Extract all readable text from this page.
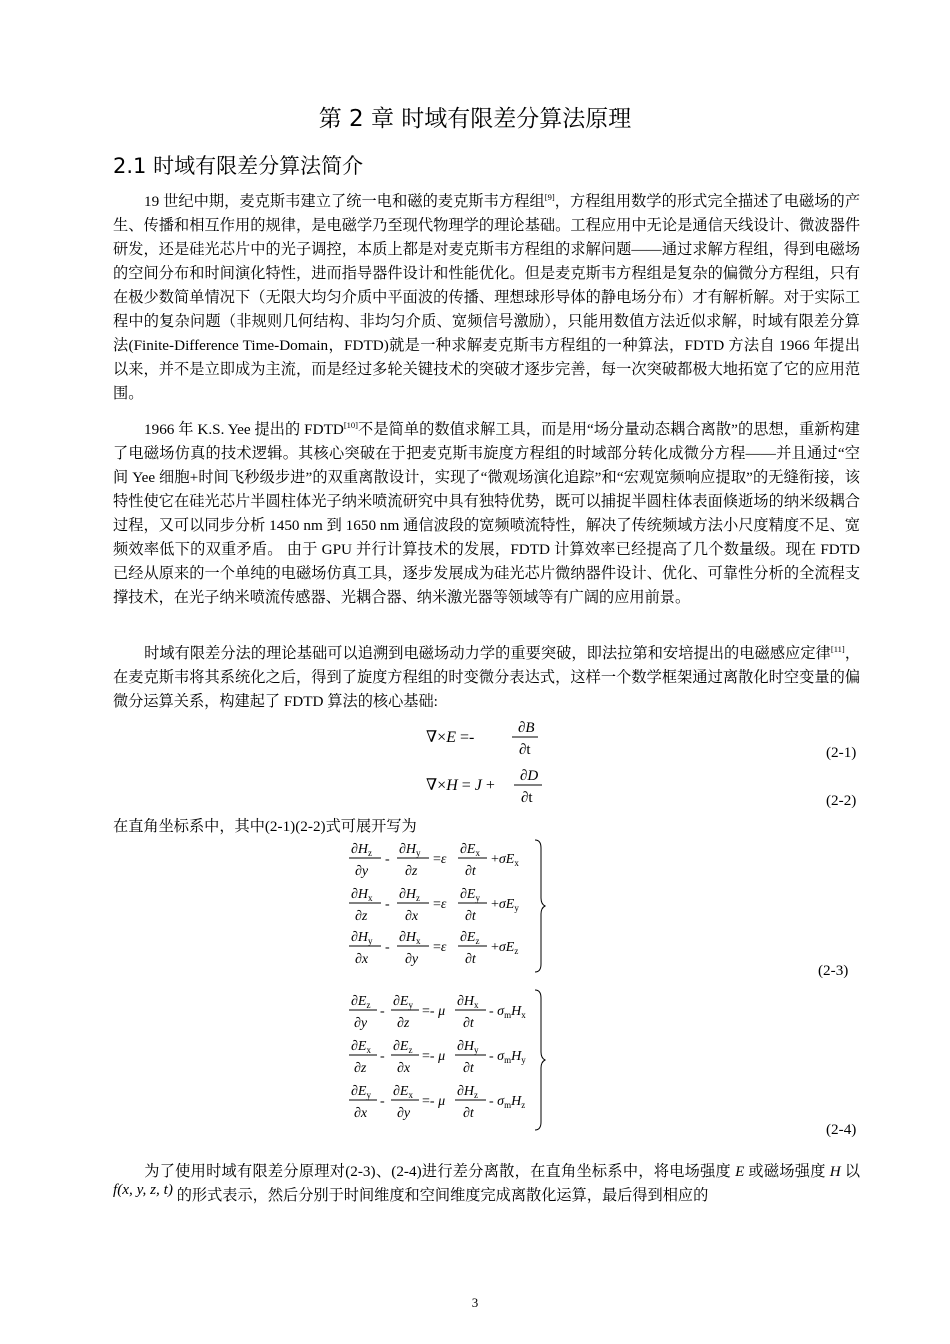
第 2 章 时域有限差分算法原理
2.1 时域有限差分算法简介

19 世纪中期，麦克斯韦建立了统一电和磁的麦克斯韦方程组[9]，方程组用数学的形式完全描述了电磁场的产生、传播和相互作用的规律，是电磁学乃至现代物理学的理论基础。工程应用中无论是通信天线设计、微波器件研发，还是硅光芯片中的光子调控，本质上都是对麦克斯韦方程组的求解问题——通过求解方程组，得到电磁场的空间分布和时间演化特性，进而指导器件设计和性能优化。但是麦克斯韦方程组是复杂的偏微分方程组，只有在极少数简单情况下（无限大均匀介质中平面波的传播、理想球形导体的静电场分布）才有解析解。对于实际工程中的复杂问题（非规则几何结构、非均匀介质、宽频信号激励），只能用数值方法近似求解，时域有限差分算法(Finite-Difference Time-Domain，FDTD)就是一种求解麦克斯韦方程组的一种算法，FDTD 方法自 1966 年提出以来，并不是立即成为主流，而是经过多轮关键技术的突破才逐步完善，每一次突破都极大地拓宽了它的应用范围。

1966 年 K.S. Yee 提出的 FDTD[10]不是简单的数值求解工具，而是用“场分量动态耦合离散”的思想，重新构建了电磁场仿真的技术逻辑。其核心突破在于把麦克斯韦旋度方程组的时域部分转化成微分方程——并且通过“空间 Yee 细胞+时间飞秒级步进”的双重离散设计，实现了“微观场演化追踪”和“宏观宽频响应提取”的无缝衔接，该特性使它在硅光芯片半圆柱体光子纳米喷流研究中具有独特优势，既可以捕捉半圆柱体表面倏逝场的纳米级耦合过程，又可以同步分析 1450 nm 到 1650 nm 通信波段的宽频喷流特性，解决了传统频域方法小尺度精度不足、宽频效率低下的双重矛盾。 由于 GPU 并行计算技术的发展，FDTD 计算效率已经提高了几个数量级。现在 FDTD 已经从原来的一个单纯的电磁场仿真工具，逐步发展成为硅光芯片微纳器件设计、优化、可靠性分析的全流程支撑技术，在光子纳米喷流传感器、光耦合器、纳米激光器等领域等有广阔的应用前景。

时域有限差分法的理论基础可以追溯到电磁场动力学的重要突破，即法拉第和安培提出的电磁感应定律[11]，在麦克斯韦将其系统化之后，得到了旋度方程组的时变微分表达式，这样一个数学框架通过离散化时空变量的偏微分运算关系，构建起了 FDTD 算法的核心基础:

∇×E =-
∂B
∂t	(2-1)
∇×H = J +
∂D
∂t	(2-2)
在直角坐标系中，其中(2-1)(2-2)式可展开写为
$\partial H_z$
∂y
-
$\partial H_y$
∂z
=ε
$\partial E_x$
∂t
$+\sigma E_x$
$\partial H_x$
∂z
-
$\partial H_z$
∂x
=ε
$\partial E_y$
∂t
$+\sigma E_y$
$\partial H_y$
∂x
-
$\partial H_x$
∂y
=ε
$\partial E_z$
∂t
$+\sigma E_z$
(2-3)
$\partial E_z$
∂y
-
$\partial E_y$
∂z
=- μ
$\partial H_x$
∂t
- $\sigma_mH_x$
$\partial E_x$
∂z
-
$\partial E_z$
∂x
=- μ
$\partial H_y$
∂t
- $\sigma_mH_y$
$\partial E_y$
∂x
-
$\partial E_x$
∂y
=- μ
$\partial H_z$
∂t
- $\sigma_mH_z$
(2-4)

为了使用时域有限差分原理对(2-3)、(2-4)进行差分离散，在直角坐标系中，将电场强度 E 或磁场强度 H 以 f(x, y, z, t) 的形式表示，然后分别于时间维度和空间维度完成离散化运算，最后得到相应的

3
